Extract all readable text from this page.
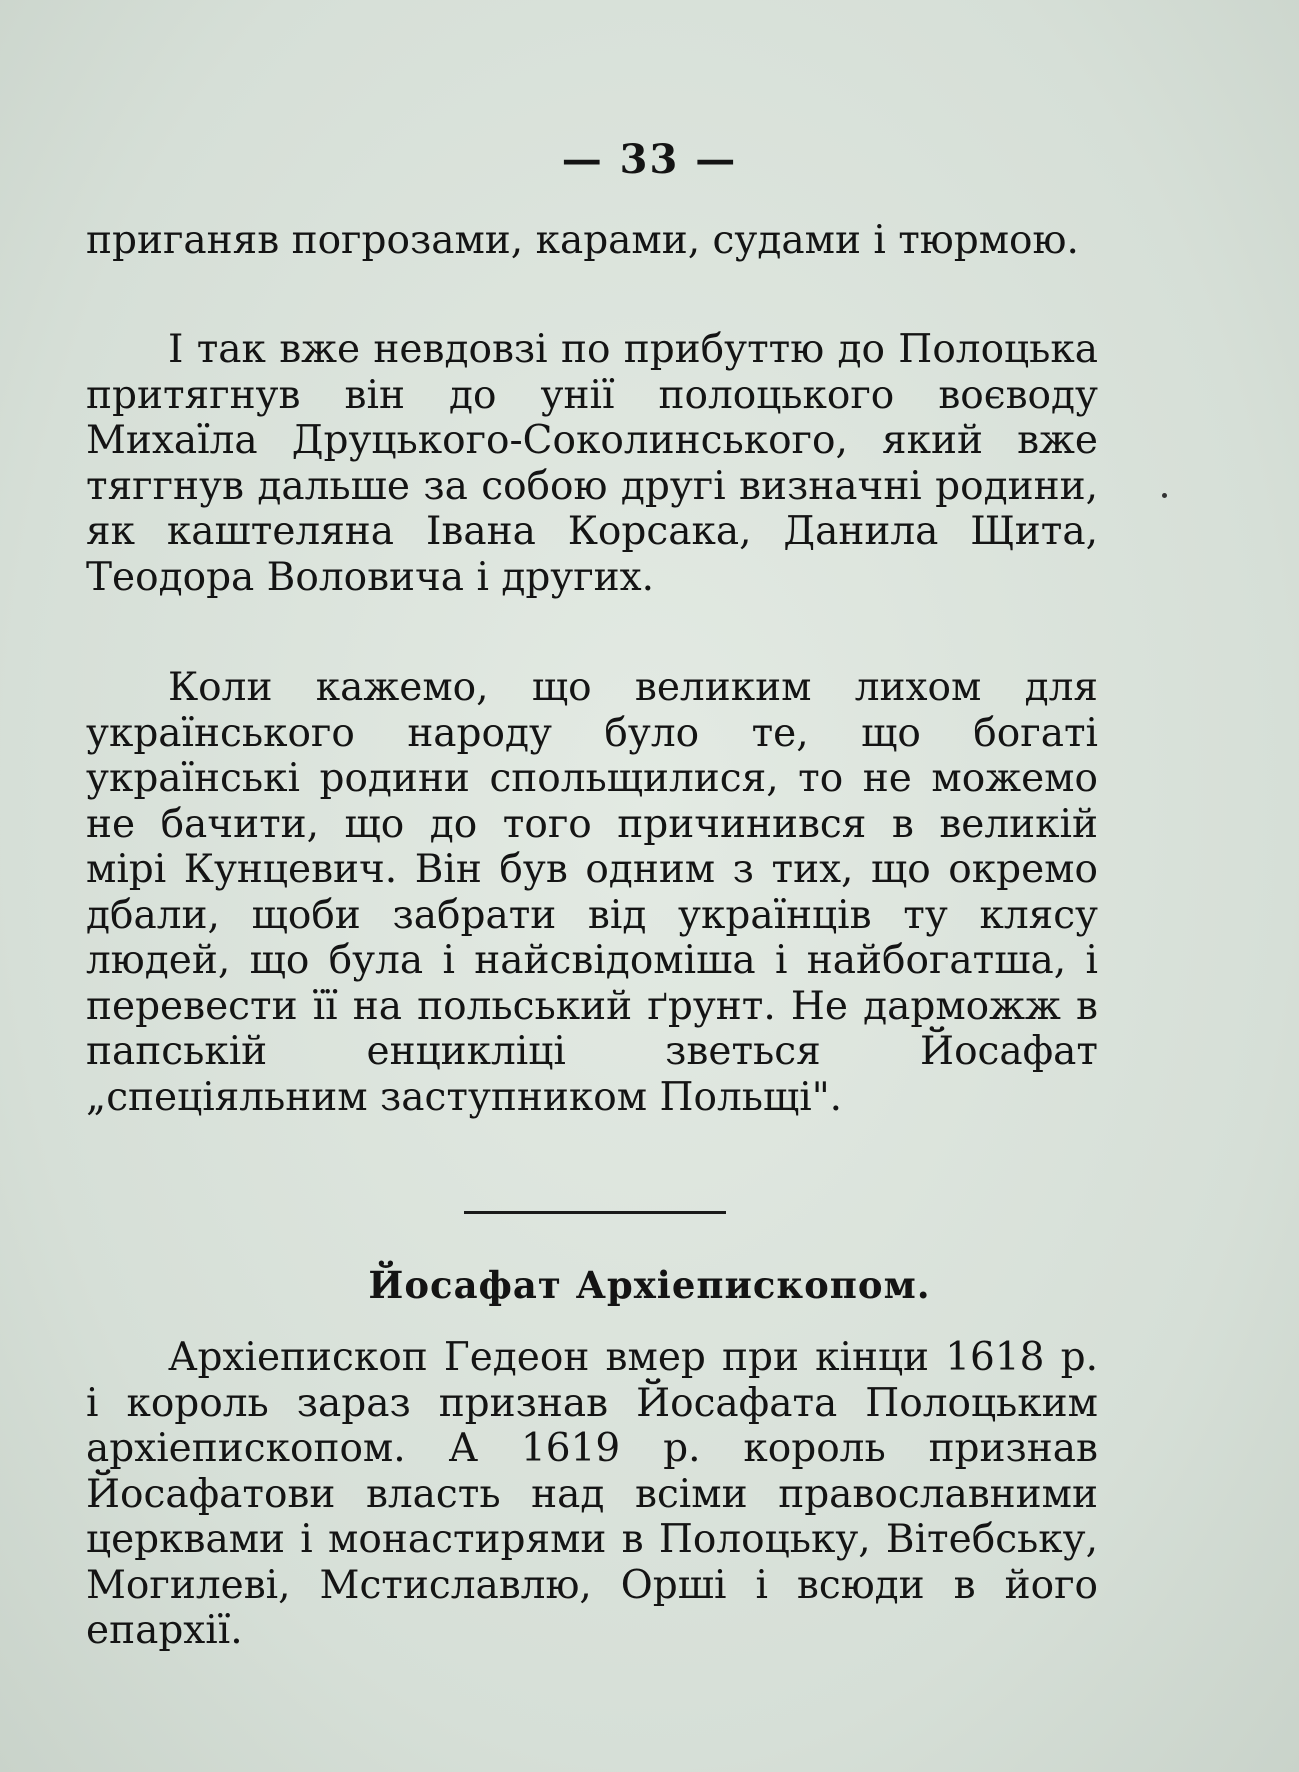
— 33 —

приганяв погрозами, карами, судами і тюрмою.

І так вже невдовзі по прибуттю до Полоцька притягнув він до унії полоцького воєводу Михаїла Друцького-Соколинського, який вже тяггнув дальше за собою другі визначні родини, як каштеляна Івана Корсака, Данила Щита, Теодора Воловича і других.

Коли кажемо, що великим лихом для українського народу було те, що богаті українські родини спольщилися, то не можемо не бачити, що до того причинився в великій мірі Кунцевич. Він був одним з тих, що окремо дбали, щоби забрати від українців ту клясу людей, що була і найсвідоміша і найбогатша, і перевести її на польський ґрунт. Не дарможж в папській енцикліці зветься Йосафат „спеціяльним заступником Польщі".

Йосафат Архіепископом.

Архіепископ Гедеон вмер при кінци 1618 р. і король зараз признав Йосафата Полоцьким архіепископом. А 1619 р. король признав Йосафатови власть над всіми православними церквами і монастирями в Полоцьку, Вітебську, Могилеві, Мстиславлю, Орші і всюди в його епархії.
